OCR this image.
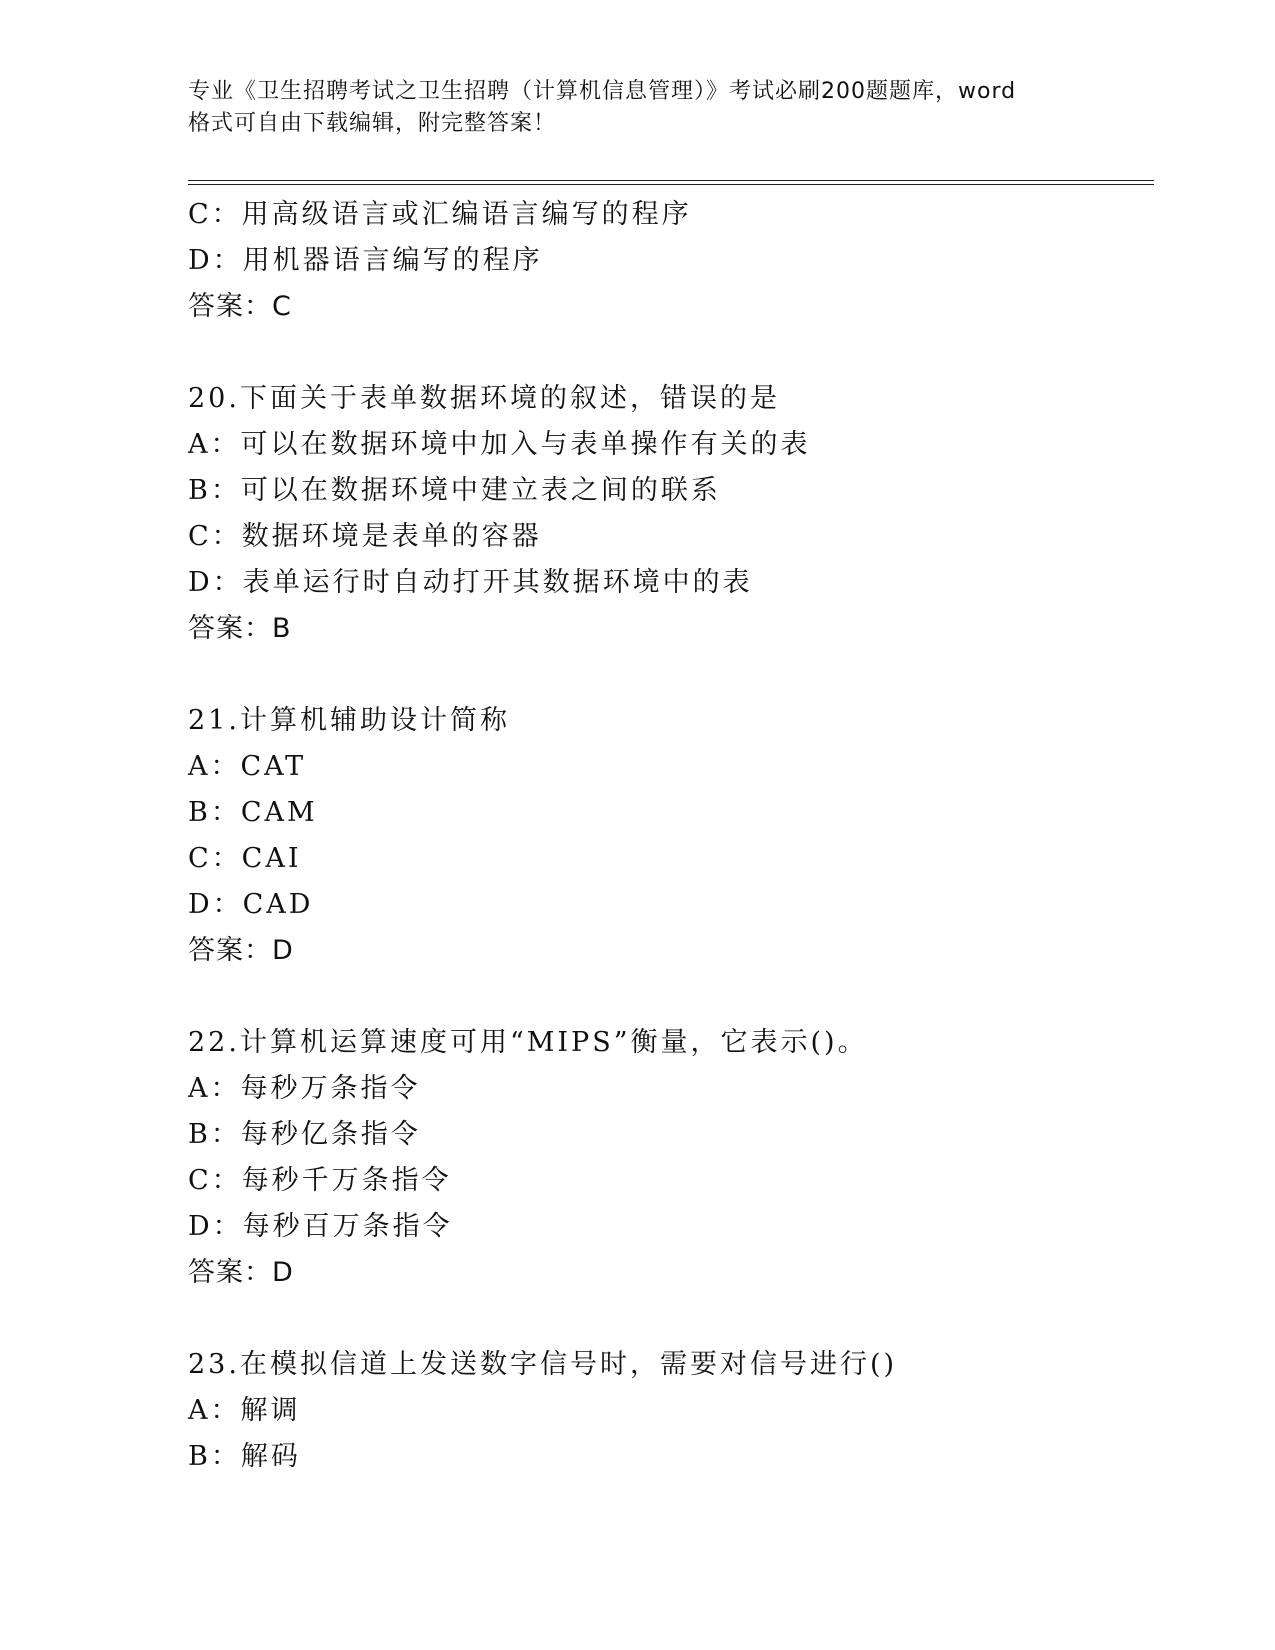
专业《卫生招聘考试之卫生招聘（计算机信息管理）》考试必刷200题题库，word
格式可自由下载编辑，附完整答案！
C：用高级语言或汇编语言编写的程序
D：用机器语言编写的程序
答案：C
20.下面关于表单数据环境的叙述，错误的是
A：可以在数据环境中加入与表单操作有关的表
B：可以在数据环境中建立表之间的联系
C：数据环境是表单的容器
D：表单运行时自动打开其数据环境中的表
答案：B
21.计算机辅助设计简称
A：CAT
B：CAM
C：CAI
D：CAD
答案：D
22.计算机运算速度可用“MIPS”衡量，它表示()。
A：每秒万条指令
B：每秒亿条指令
C：每秒千万条指令
D：每秒百万条指令
答案：D
23.在模拟信道上发送数字信号时，需要对信号进行()
A：解调
B：解码
